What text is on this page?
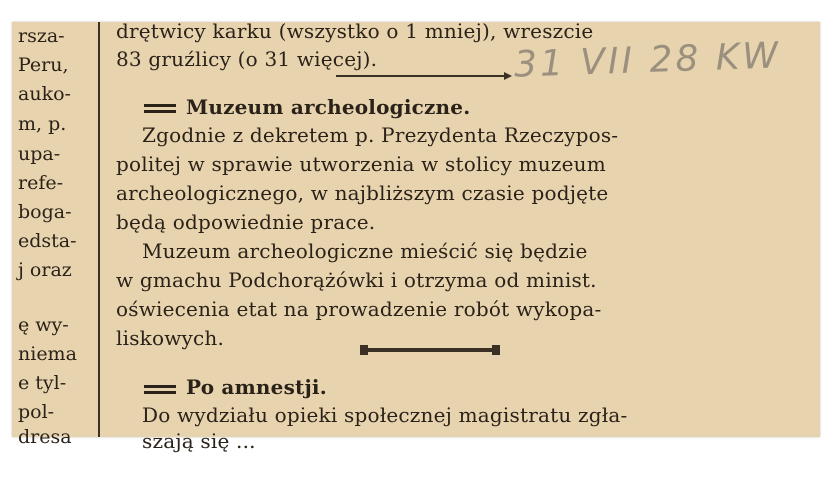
rsza-
Peru,
auko-
m, p.
upa-
refe-
boga-
edsta-
j oraz
ę wy-
niema
e tyl-
pol-
dresa
drętwicy karku (wszystko o 1 mniej), wreszcie
83 gruźlicy (o 31 więcej).	31 VII 28 KW
Muzeum archeologiczne.
Zgodnie z dekretem p. Prezydenta Rzeczypos-
politej w sprawie utworzenia w stolicy muzeum
archeologicznego, w najbliższym czasie podjęte
będą odpowiednie prace.
Muzeum archeologiczne mieścić się będzie
w gmachu Podchorążówki i otrzyma od minist.
oświecenia etat na prowadzenie robót wykopa-
liskowych.
Po amnestji.
Do wydziału opieki społecznej magistratu zgła-
szają się ...
